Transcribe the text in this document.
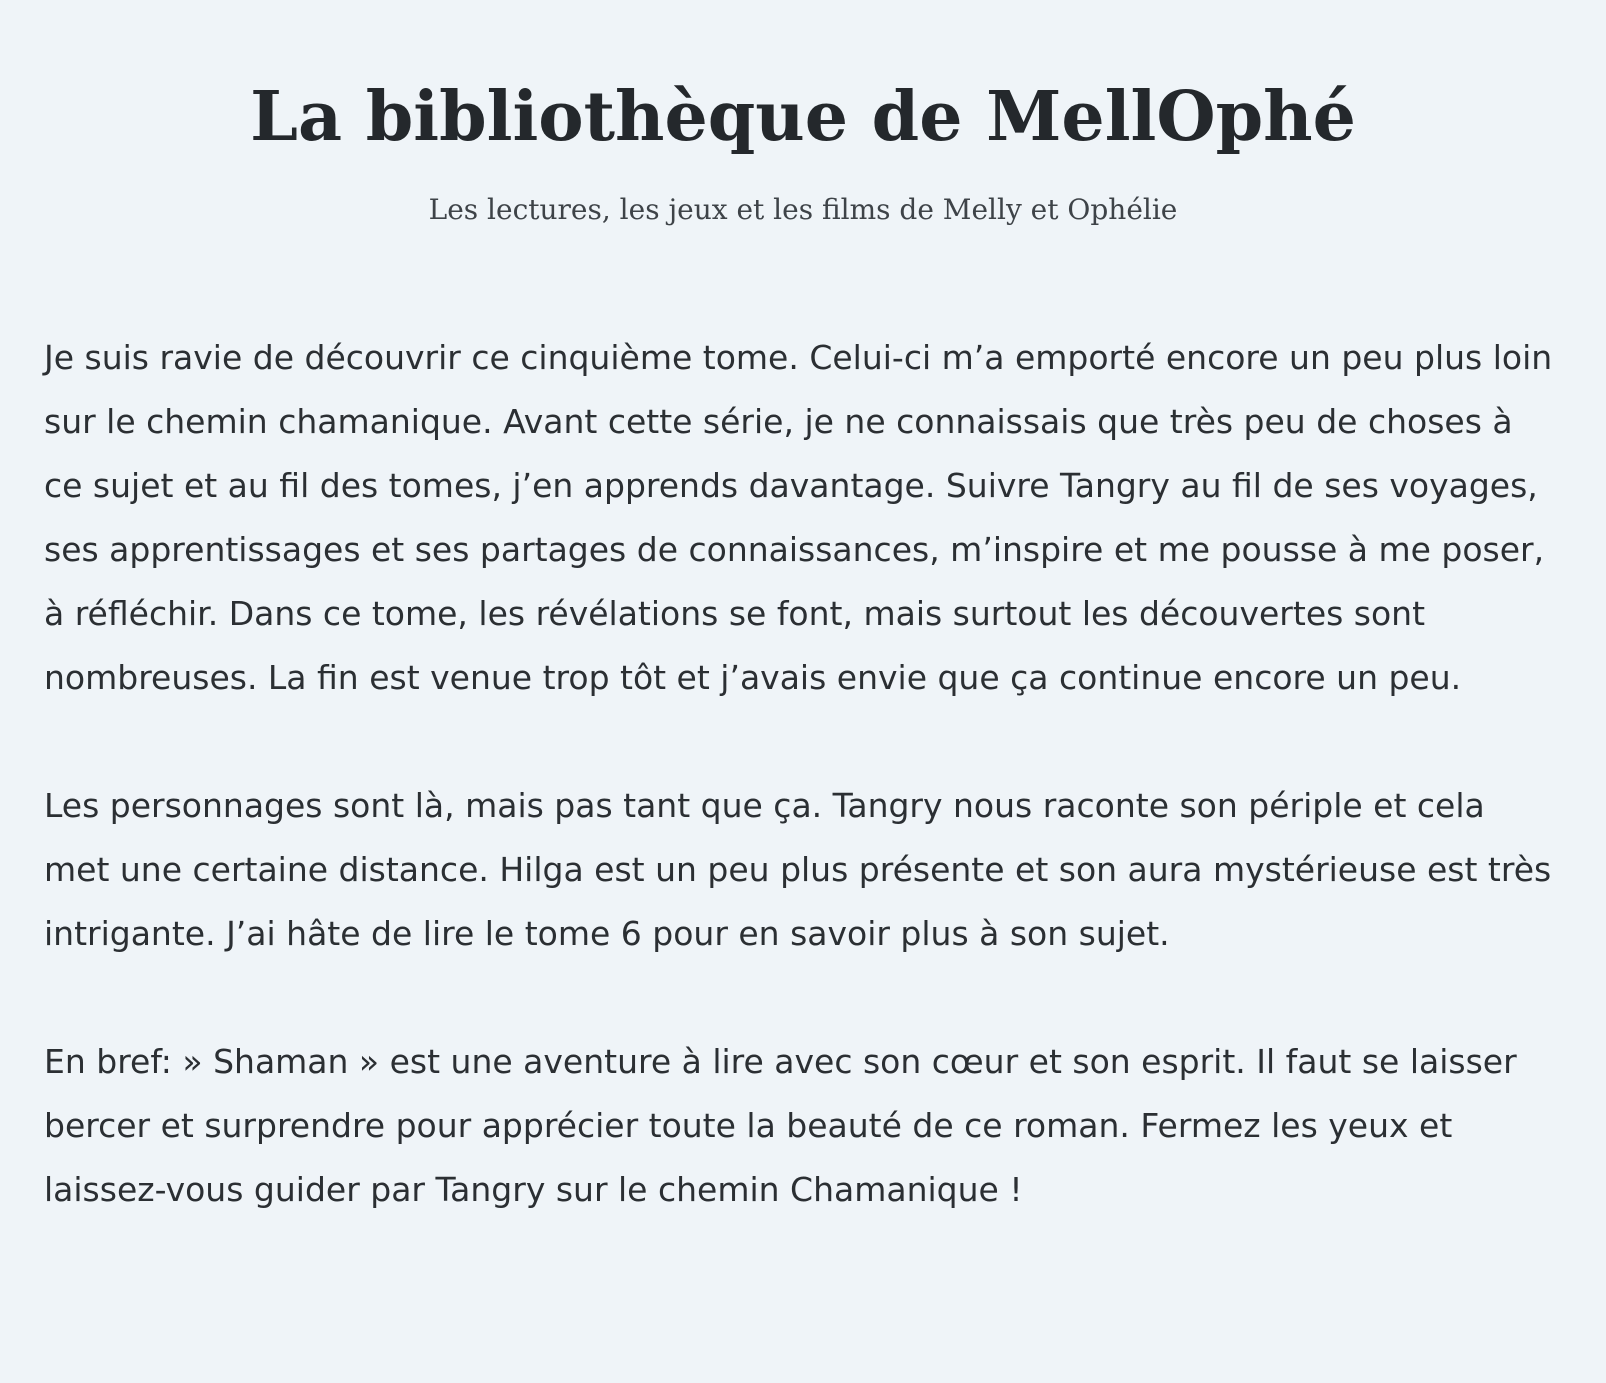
La bibliothèque de MellOphé

Les lectures, les jeux et les films de Melly et Ophélie

Je suis ravie de découvrir ce cinquième tome. Celui-ci m’a emporté encore un peu plus loin sur le chemin chamanique. Avant cette série, je ne connaissais que très peu de choses à ce sujet et au fil des tomes, j’en apprends davantage. Suivre Tangry au fil de ses voyages, ses apprentissages et ses partages de connaissances, m’inspire et me pousse à me poser, à réfléchir. Dans ce tome, les révélations se font, mais surtout les découvertes sont nombreuses. La fin est venue trop tôt et j’avais envie que ça continue encore un peu.

Les personnages sont là, mais pas tant que ça. Tangry nous raconte son périple et cela met une certaine distance. Hilga est un peu plus présente et son aura mystérieuse est très intrigante. J’ai hâte de lire le tome 6 pour en savoir plus à son sujet.

En bref: » Shaman » est une aventure à lire avec son cœur et son esprit. Il faut se laisser bercer et surprendre pour apprécier toute la beauté de ce roman. Fermez les yeux et laissez-vous guider par Tangry sur le chemin Chamanique !
